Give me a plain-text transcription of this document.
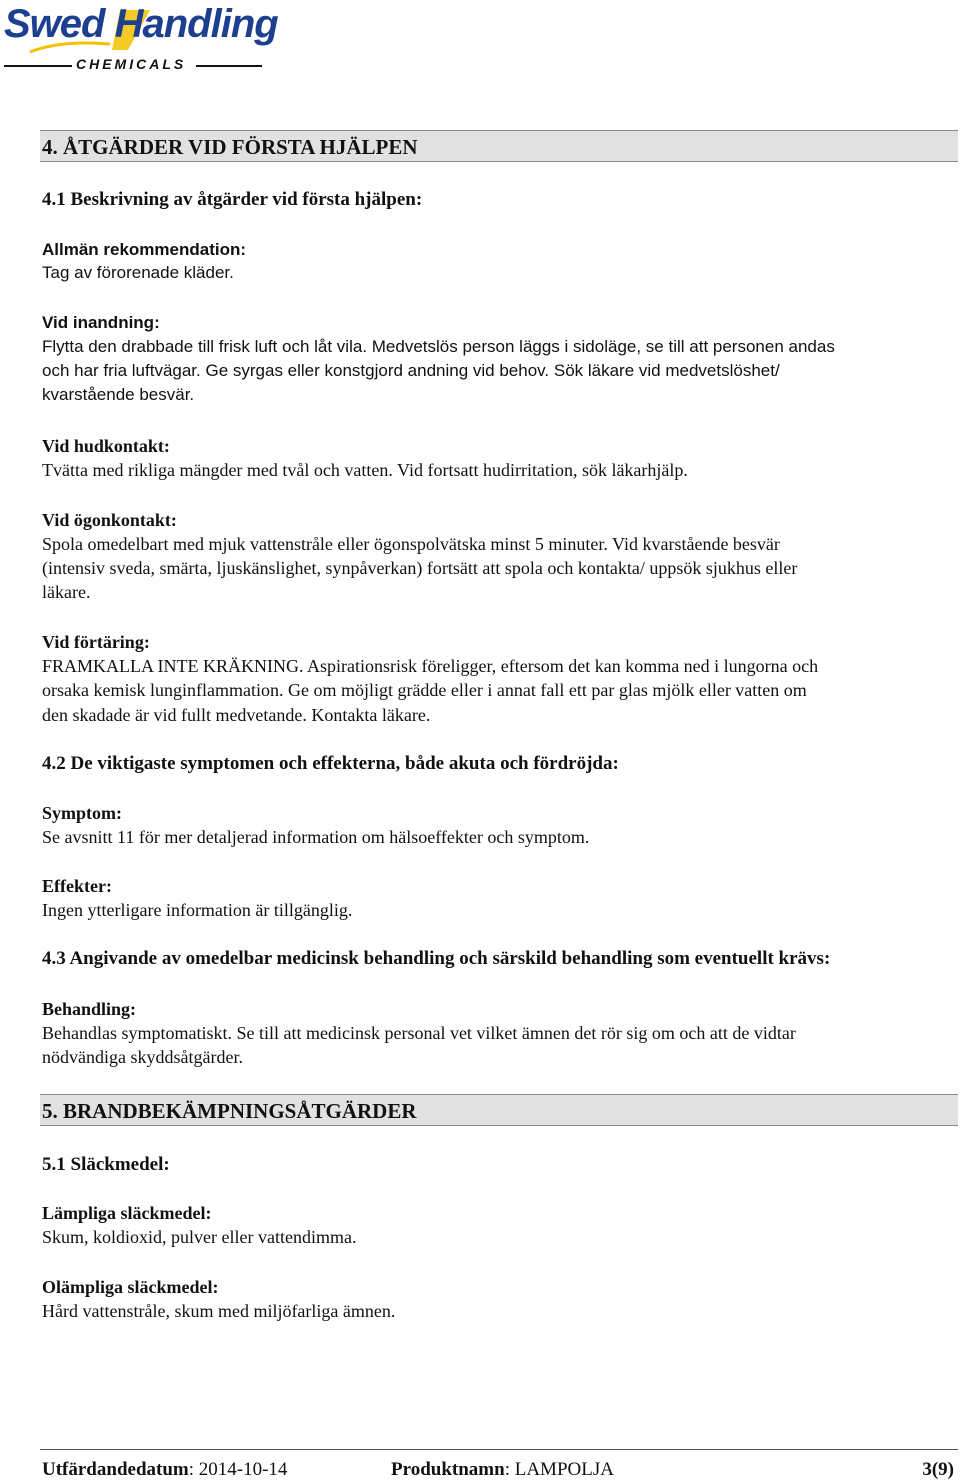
Swed Handling
CHEMICALS
4. ÅTGÄRDER VID FÖRSTA HJÄLPEN
4.1 Beskrivning av åtgärder vid första hjälpen:
Allmän rekommendation:
Tag av förorenade kläder.
Vid inandning:
Flytta den drabbade till frisk luft och låt vila. Medvetslös person läggs i sidoläge, se till att personen andas
och har fria luftvägar. Ge syrgas eller konstgjord andning vid behov. Sök läkare vid medvetslöshet/
kvarstående besvär.
Vid hudkontakt:
Tvätta med rikliga mängder med tvål och vatten. Vid fortsatt hudirritation, sök läkarhjälp.
Vid ögonkontakt:
Spola omedelbart med mjuk vattenstråle eller ögonspolvätska minst 5 minuter. Vid kvarstående besvär
(intensiv sveda, smärta, ljuskänslighet, synpåverkan) fortsätt att spola och kontakta/ uppsök sjukhus eller
läkare.
Vid förtäring:
FRAMKALLA INTE KRÄKNING. Aspirationsrisk föreligger, eftersom det kan komma ned i lungorna och
orsaka kemisk lunginflammation. Ge om möjligt grädde eller i annat fall ett par glas mjölk eller vatten om
den skadade är vid fullt medvetande. Kontakta läkare.
4.2 De viktigaste symptomen och effekterna, både akuta och fördröjda:
Symptom:
Se avsnitt 11 för mer detaljerad information om hälsoeffekter och symptom.
Effekter:
Ingen ytterligare information är tillgänglig.
4.3 Angivande av omedelbar medicinsk behandling och särskild behandling som eventuellt krävs:
Behandling:
Behandlas symptomatiskt. Se till att medicinsk personal vet vilket ämnen det rör sig om och att de vidtar
nödvändiga skyddsåtgärder.
5. BRANDBEKÄMPNINGSÅTGÄRDER
5.1 Släckmedel:
Lämpliga släckmedel:
Skum, koldioxid, pulver eller vattendimma.
Olämpliga släckmedel:
Hård vattenstråle, skum med miljöfarliga ämnen.
Utfärdandedatum: 2014-10-14	Produktnamn: LAMPOLJA	3(9)
